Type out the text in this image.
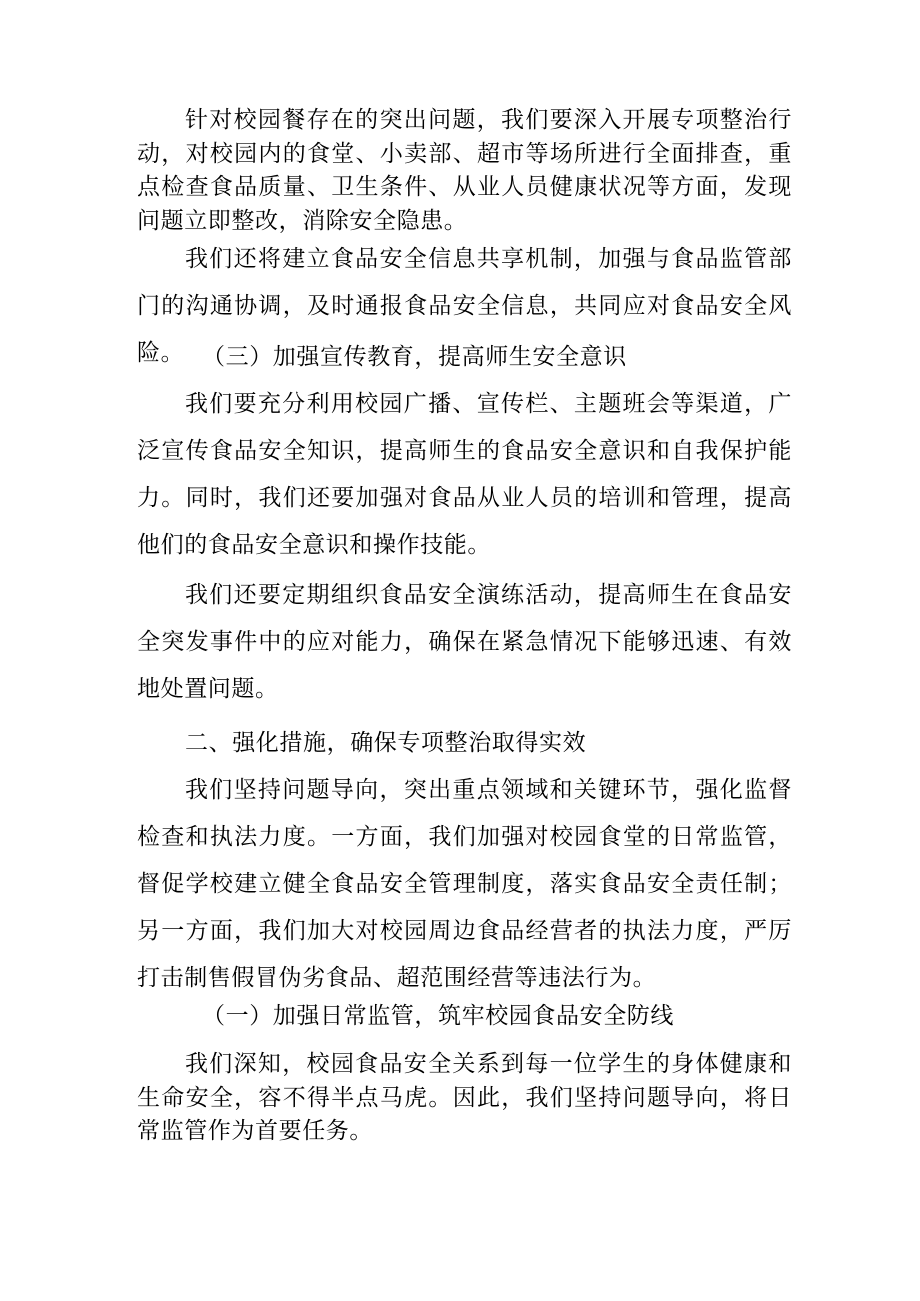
针对校园餐存在的突出问题，我们要深入开展专项整治行动，对校园内的食堂、小卖部、超市等场所进行全面排查，重点检查食品质量、卫生条件、从业人员健康状况等方面，发现问题立即整改，消除安全隐患。

我们还将建立食品安全信息共享机制，加强与食品监管部门的沟通协调，及时通报食品安全信息，共同应对食品安全风险。 （三）加强宣传教育，提高师生安全意识

我们要充分利用校园广播、宣传栏、主题班会等渠道，广泛宣传食品安全知识，提高师生的食品安全意识和自我保护能力。同时，我们还要加强对食品从业人员的培训和管理，提高他们的食品安全意识和操作技能。

我们还要定期组织食品安全演练活动，提高师生在食品安全突发事件中的应对能力，确保在紧急情况下能够迅速、有效地处置问题。

二、强化措施，确保专项整治取得实效

我们坚持问题导向，突出重点领域和关键环节，强化监督检查和执法力度。一方面，我们加强对校园食堂的日常监管，督促学校建立健全食品安全管理制度，落实食品安全责任制；另一方面，我们加大对校园周边食品经营者的执法力度，严厉打击制售假冒伪劣食品、超范围经营等违法行为。

（一）加强日常监管，筑牢校园食品安全防线

我们深知，校园食品安全关系到每一位学生的身体健康和生命安全，容不得半点马虎。因此，我们坚持问题导向，将日常监管作为首要任务。
